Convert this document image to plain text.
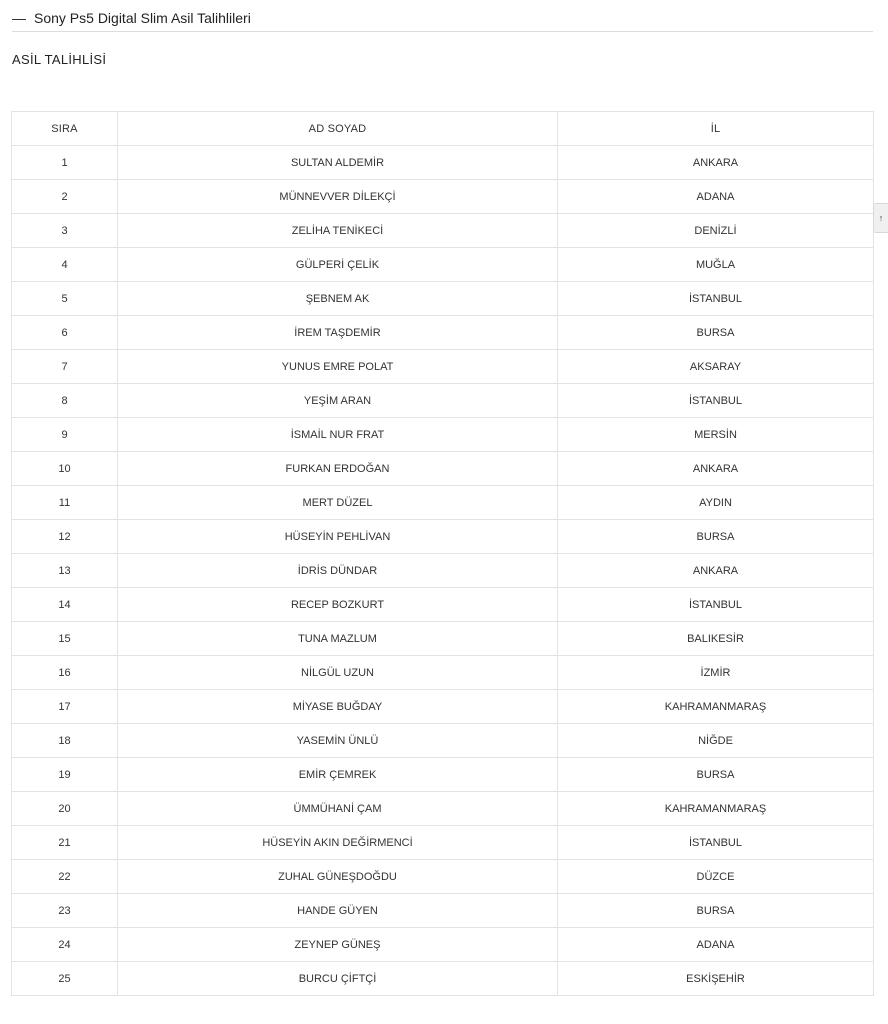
— Sony Ps5 Digital Slim Asil Talihlileri
ASİL TALİHLİSİ
SIRA	AD SOYAD	İL
1	SULTAN ALDEMİR	ANKARA
2	MÜNNEVVER DİLEKÇİ	ADANA
3	ZELİHA TENİKECİ	DENİZLİ
4	GÜLPERİ ÇELİK	MUĞLA
5	ŞEBNEM AK	İSTANBUL
6	İREM TAŞDEMİR	BURSA
7	YUNUS EMRE POLAT	AKSARAY
8	YEŞİM ARAN	İSTANBUL
9	İSMAİL NUR FRAT	MERSİN
10	FURKAN ERDOĞAN	ANKARA
11	MERT DÜZEL	AYDIN
12	HÜSEYİN PEHLİVAN	BURSA
13	İDRİS DÜNDAR	ANKARA
14	RECEP BOZKURT	İSTANBUL
15	TUNA MAZLUM	BALIKESİR
16	NİLGÜL UZUN	İZMİR
17	MİYASE BUĞDAY	KAHRAMANMARAŞ
18	YASEMİN ÜNLÜ	NİĞDE
19	EMİR ÇEMREK	BURSA
20	ÜMMÜHANİ ÇAM	KAHRAMANMARAŞ
21	HÜSEYİN AKIN DEĞİRMENCİ	İSTANBUL
22	ZUHAL GÜNEŞDOĞDU	DÜZCE
23	HANDE GÜYEN	BURSA
24	ZEYNEP GÜNEŞ	ADANA
25	BURCU ÇİFTÇİ	ESKİŞEHİR
↑
